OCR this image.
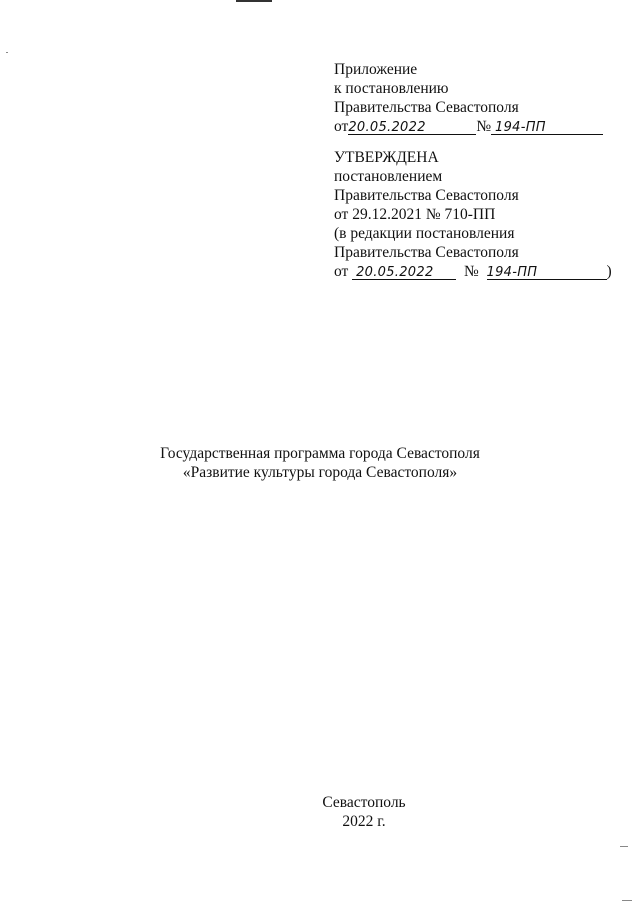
Приложение
к постановлению
Правительства Севастополя
от20.05.2022	№ 194-ПП
УТВЕРЖДЕНА
постановлением
Правительства Севастополя
от 29.12.2021 № 710-ПП
(в редакции постановления
Правительства Севастополя
от 20.05.2022 № 194-ПП	)
Государственная программа города Севастополя
«Развитие культуры города Севастополя»
Севастополь
2022 г.
